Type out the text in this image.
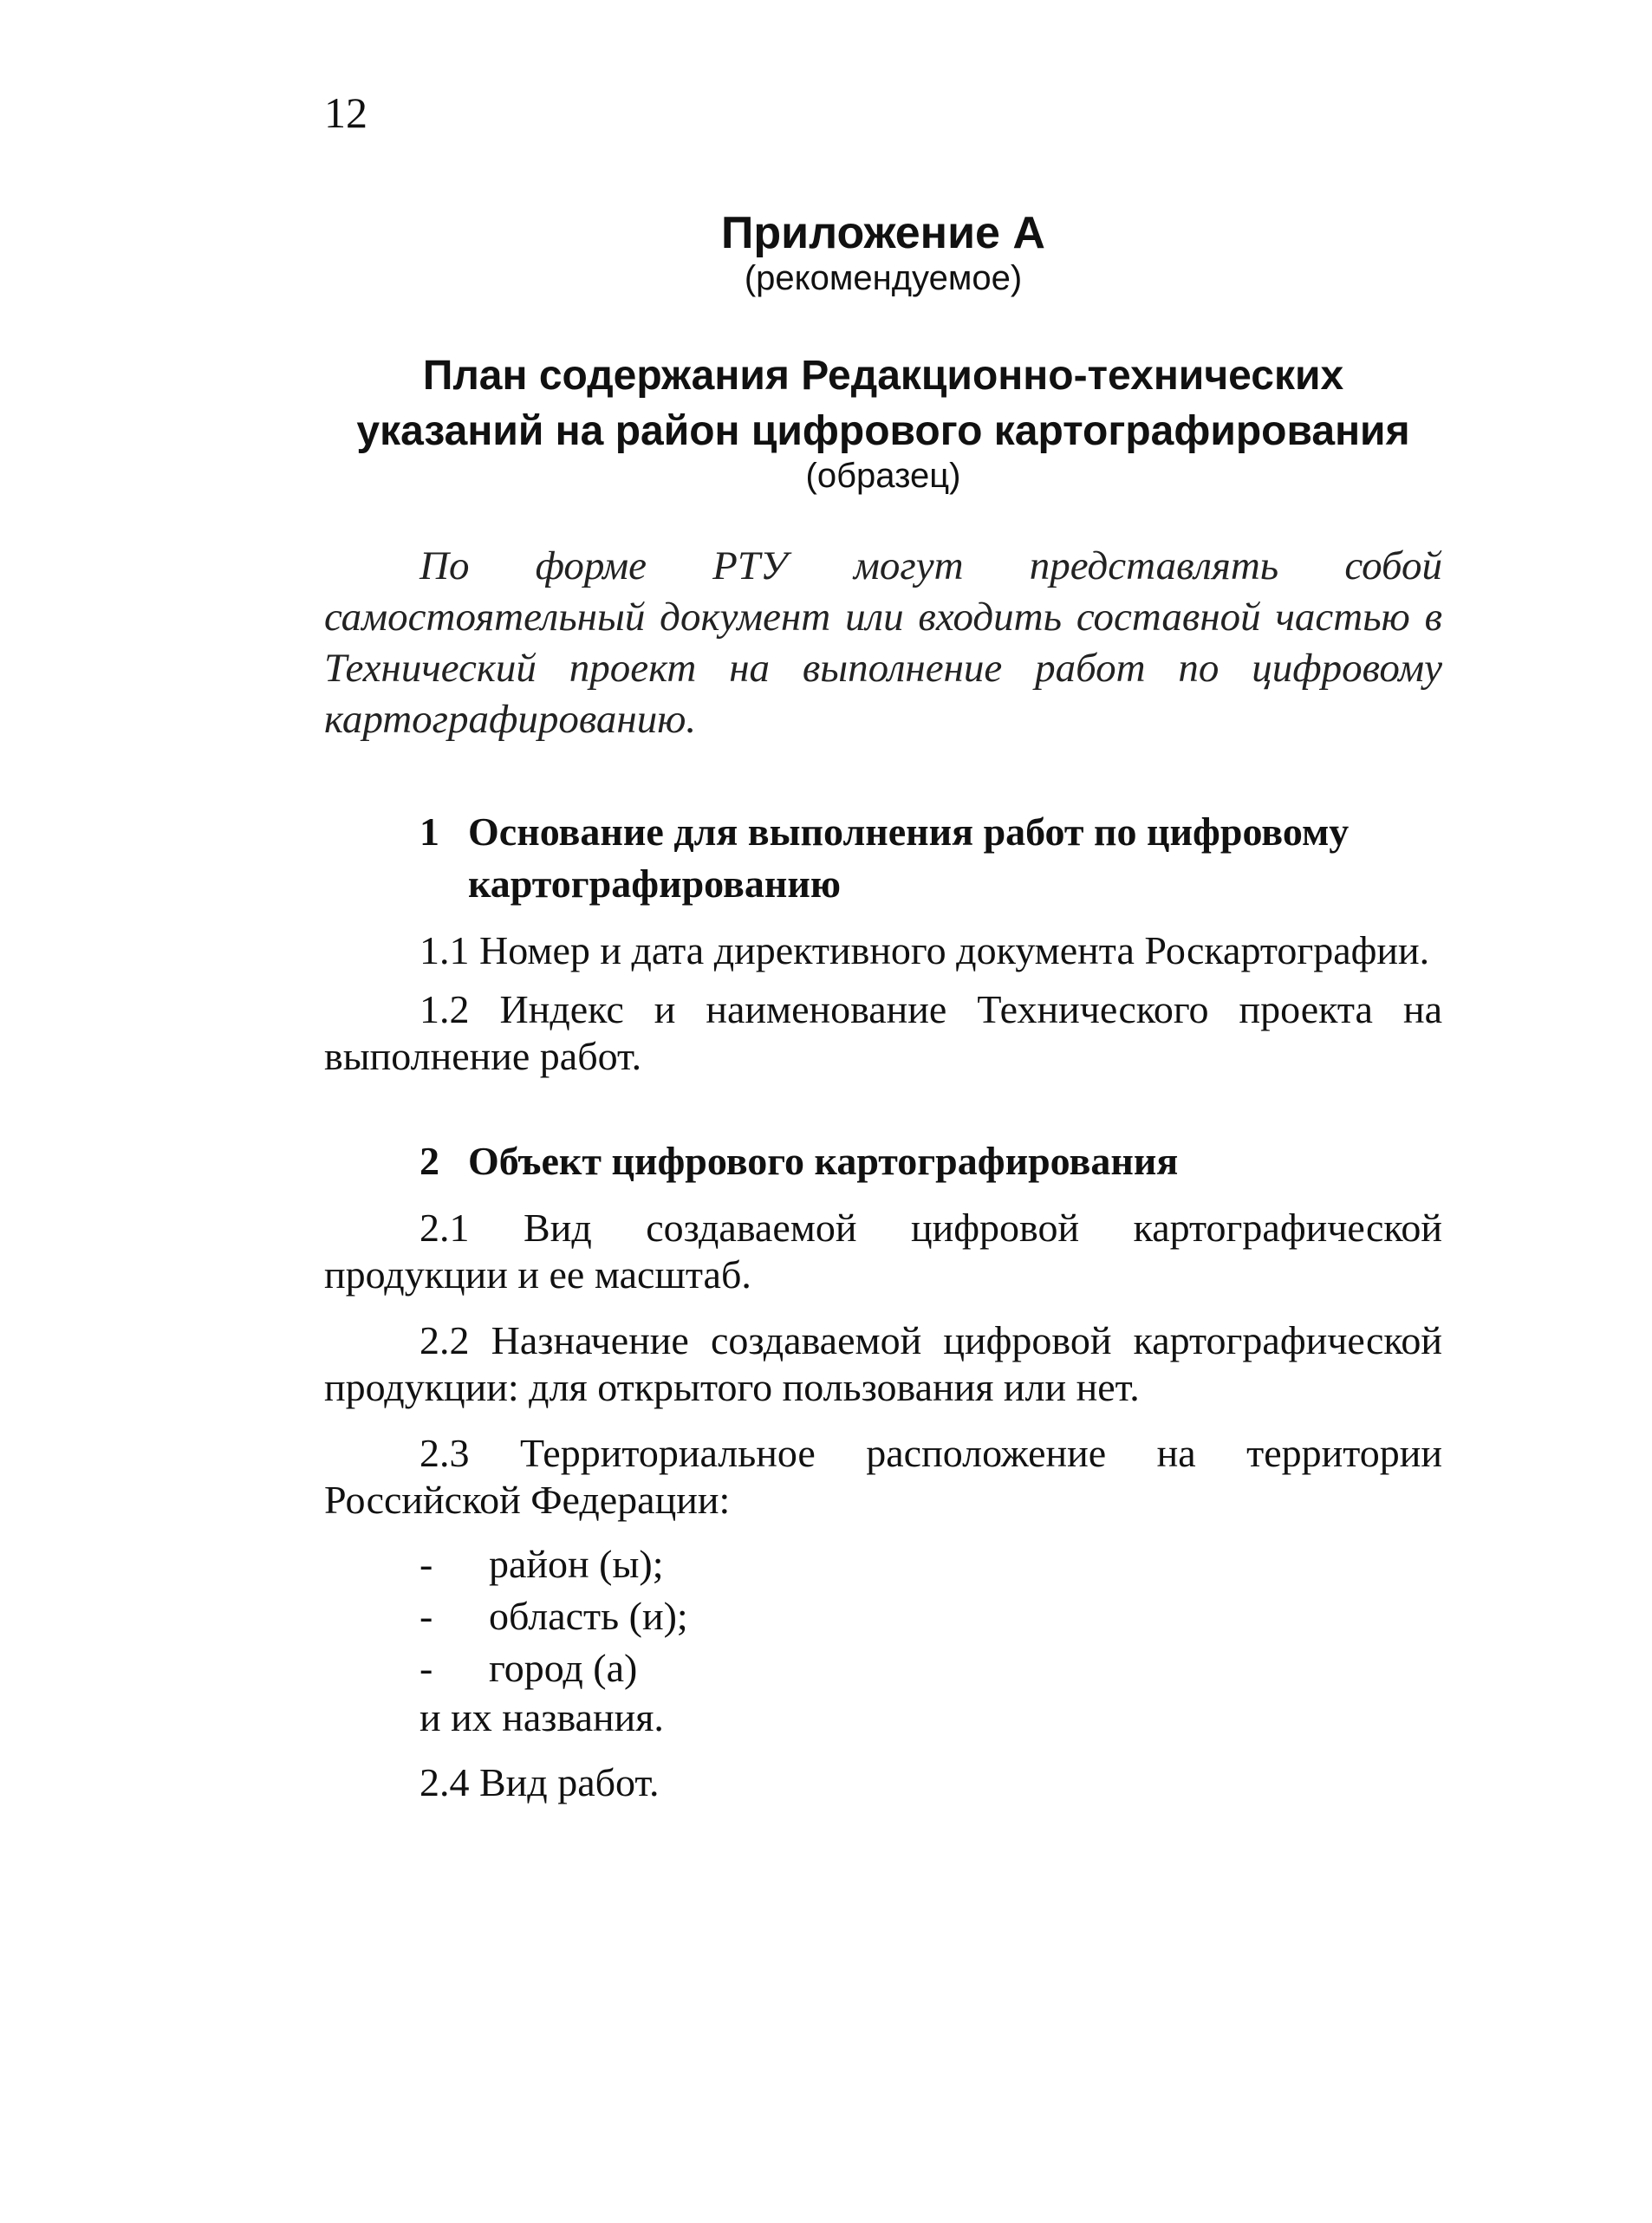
12
Приложение А
(рекомендуемое)
План содержания Редакционно-технических
указаний на район цифрового картографирования
(образец)

По форме РТУ могут представлять собой самостоятельный документ или входить составной частью в Технический проект на выполнение работ по цифровому картографированию.

1 Основание для выполнения работ по цифровому
картографированию

1.1 Номер и дата директивного документа Роскартографии.

1.2 Индекс и наименование Технического проекта на выполнение работ.

2 Объект цифрового картографирования

2.1 Вид создаваемой цифровой картографической продукции и ее масштаб.

2.2 Назначение создаваемой цифровой картографической продукции: для открытого пользования или нет.

2.3 Территориальное расположение на территории Российской Федерации:

-	район (ы);
-	область (и);
-	город (а)

и их названия.

2.4 Вид работ.
